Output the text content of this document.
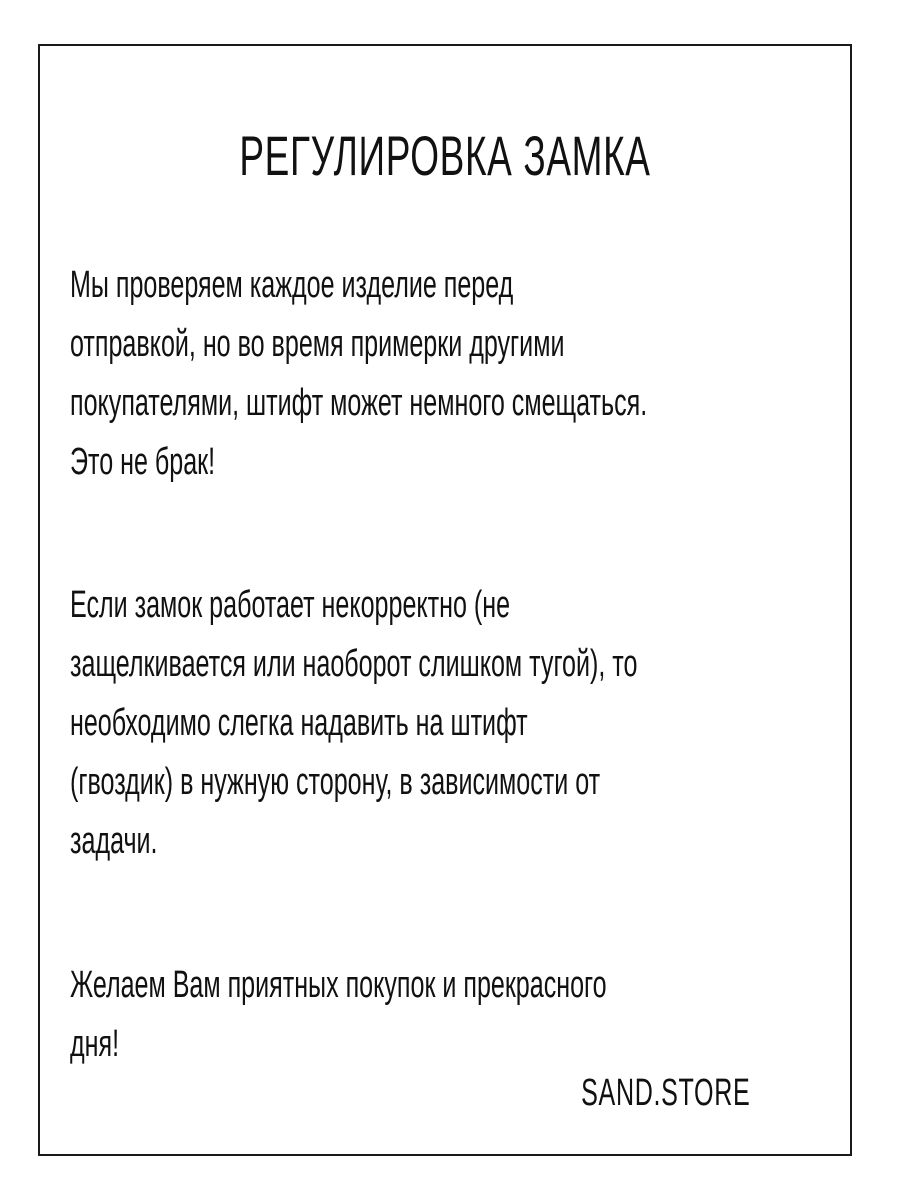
РЕГУЛИРОВКА ЗАМКА

Мы проверяем каждое изделие перед
отправкой, но во время примерки другими
покупателями, штифт может немного смещаться.
Это не брак!

Если замок работает некорректно (не
защелкивается или наоборот слишком тугой), то
необходимо слегка надавить на штифт
(гвоздик) в нужную сторону, в зависимости от
задачи.

Желаем Вам приятных покупок и прекрасного
дня!

SAND.STORE
